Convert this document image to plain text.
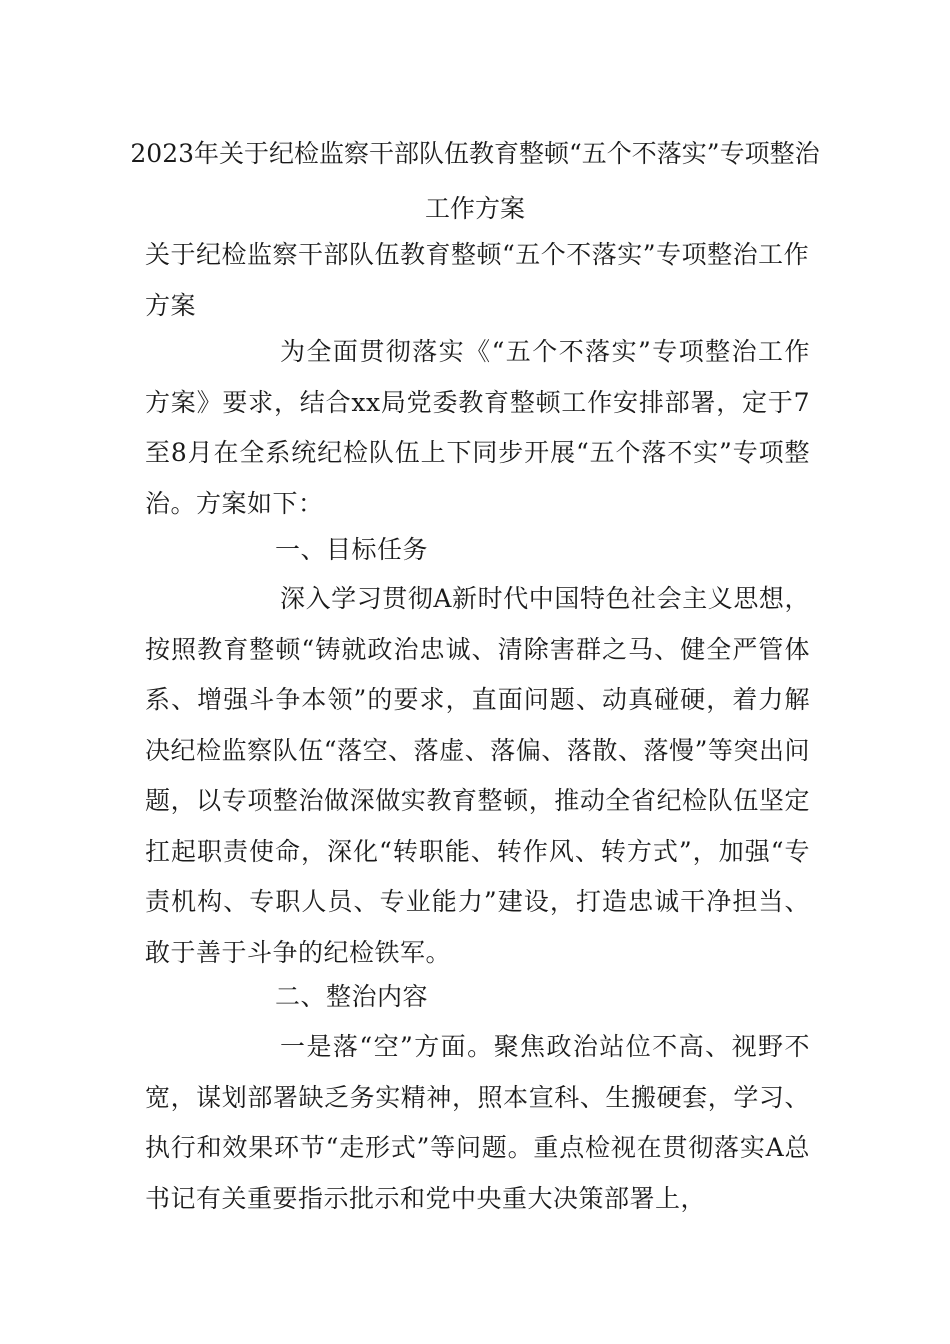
2023年关于纪检监察干部队伍教育整顿“五个不落实”专项整治工作方案

关于纪检监察干部队伍教育整顿“五个不落实”专项整治工作方案

为全面贯彻落实《“五个不落实”专项整治工作方案》要求，结合xx局党委教育整顿工作安排部署，定于7至8月在全系统纪检队伍上下同步开展“五个落不实”专项整治。方案如下：

一、目标任务

深入学习贯彻A新时代中国特色社会主义思想，按照教育整顿“铸就政治忠诚、清除害群之马、健全严管体系、增强斗争本领”的要求，直面问题、动真碰硬，着力解决纪检监察队伍“落空、落虚、落偏、落散、落慢”等突出问题，以专项整治做深做实教育整顿，推动全省纪检队伍坚定扛起职责使命，深化“转职能、转作风、转方式”，加强“专责机构、专职人员、专业能力”建设，打造忠诚干净担当、敢于善于斗争的纪检铁军。

二、整治内容

一是落“空”方面。聚焦政治站位不高、视野不宽，谋划部署缺乏务实精神，照本宣科、生搬硬套，学习、执行和效果环节“走形式”等问题。重点检视在贯彻落实A总书记有关重要指示批示和党中央重大决策部署上，
